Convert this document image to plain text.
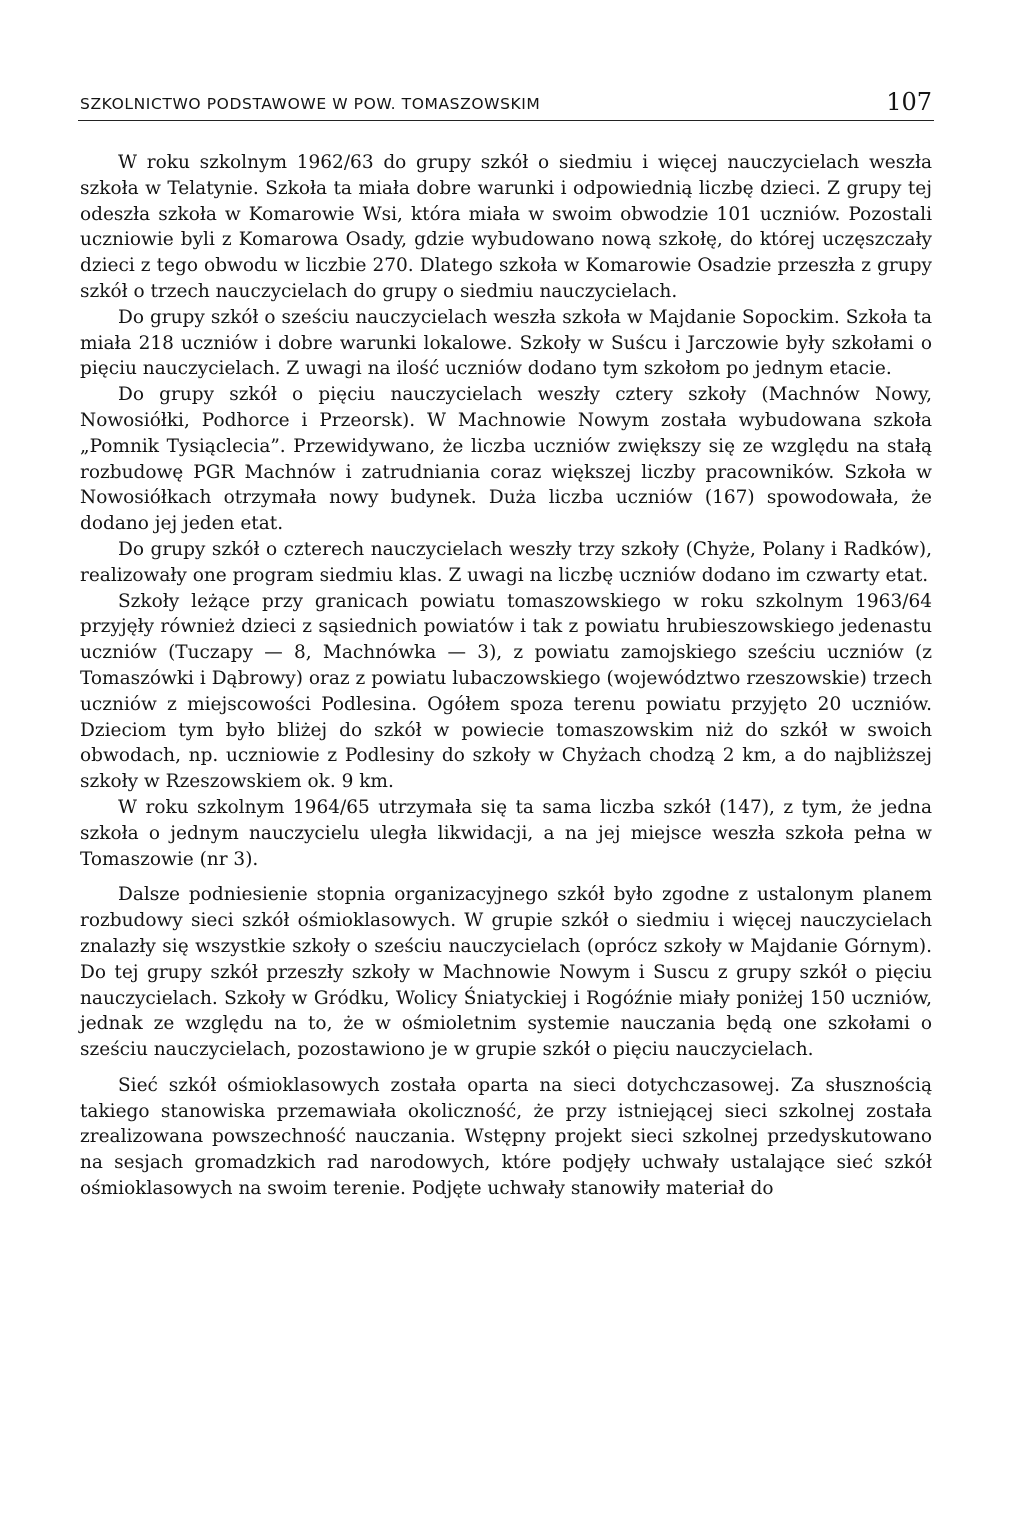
SZKOLNICTWO PODSTAWOWE W POW. TOMASZOWSKIM	107

W roku szkolnym 1962/63 do grupy szkół o siedmiu i więcej nauczycielach weszła szkoła w Telatynie. Szkoła ta miała dobre warunki i odpowiednią liczbę dzieci. Z grupy tej odeszła szkoła w Komarowie Wsi, która miała w swoim obwodzie 101 uczniów. Pozostali uczniowie byli z Komarowa Osady, gdzie wybudowano nową szkołę, do której uczęszczały dzieci z tego obwodu w liczbie 270. Dlatego szkoła w Komarowie Osadzie przeszła z grupy szkół o trzech nauczycielach do grupy o siedmiu nauczycielach.

Do grupy szkół o sześciu nauczycielach weszła szkoła w Majdanie Sopockim. Szkoła ta miała 218 uczniów i dobre warunki lokalowe. Szkoły w Suścu i Jarczowie były szkołami o pięciu nauczycielach. Z uwagi na ilość uczniów dodano tym szkołom po jednym etacie.

Do grupy szkół o pięciu nauczycielach weszły cztery szkoły (Machnów Nowy, Nowosiółki, Podhorce i Przeorsk). W Machnowie Nowym została wybudowana szkoła „Pomnik Tysiąclecia”. Przewidywano, że liczba uczniów zwiększy się ze względu na stałą rozbudowę PGR Machnów i zatrudniania coraz większej liczby pracowników. Szkoła w Nowosiółkach otrzymała nowy budynek. Duża liczba uczniów (167) spowodowała, że dodano jej jeden etat.

Do grupy szkół o czterech nauczycielach weszły trzy szkoły (Chyże, Polany i Radków), realizowały one program siedmiu klas. Z uwagi na liczbę uczniów dodano im czwarty etat.

Szkoły leżące przy granicach powiatu tomaszowskiego w roku szkolnym 1963/64 przyjęły również dzieci z sąsiednich powiatów i tak z powiatu hrubieszowskiego jedenastu uczniów (Tuczapy — 8, Machnówka — 3), z powiatu zamojskiego sześciu uczniów (z Tomaszówki i Dąbrowy) oraz z powiatu lubaczowskiego (województwo rzeszowskie) trzech uczniów z miejscowości Podlesina. Ogółem spoza terenu powiatu przyjęto 20 uczniów. Dzieciom tym było bliżej do szkół w powiecie tomaszowskim niż do szkół w swoich obwodach, np. uczniowie z Podlesiny do szkoły w Chyżach chodzą 2 km, a do najbliższej szkoły w Rzeszowskiem ok. 9 km.

W roku szkolnym 1964/65 utrzymała się ta sama liczba szkół (147), z tym, że jedna szkoła o jednym nauczycielu uległa likwidacji, a na jej miejsce weszła szkoła pełna w Tomaszowie (nr 3).

Dalsze podniesienie stopnia organizacyjnego szkół było zgodne z ustalonym planem rozbudowy sieci szkół ośmioklasowych. W grupie szkół o siedmiu i więcej nauczycielach znalazły się wszystkie szkoły o sześciu nauczycielach (oprócz szkoły w Majdanie Górnym). Do tej grupy szkół przeszły szkoły w Machnowie Nowym i Suscu z grupy szkół o pięciu nauczycielach. Szkoły w Gródku, Wolicy Śniatyckiej i Rogóźnie miały poniżej 150 uczniów, jednak ze względu na to, że w ośmioletnim systemie nauczania będą one szkołami o sześciu nauczycielach, pozostawiono je w grupie szkół o pięciu nauczycielach.

Sieć szkół ośmioklasowych została oparta na sieci dotychczasowej. Za słusznością takiego stanowiska przemawiała okoliczność, że przy istniejącej sieci szkolnej została zrealizowana powszechność nauczania. Wstępny projekt sieci szkolnej przedyskutowano na sesjach gromadzkich rad narodowych, które podjęły uchwały ustalające sieć szkół ośmioklasowych na swoim terenie. Podjęte uchwały stanowiły materiał do
